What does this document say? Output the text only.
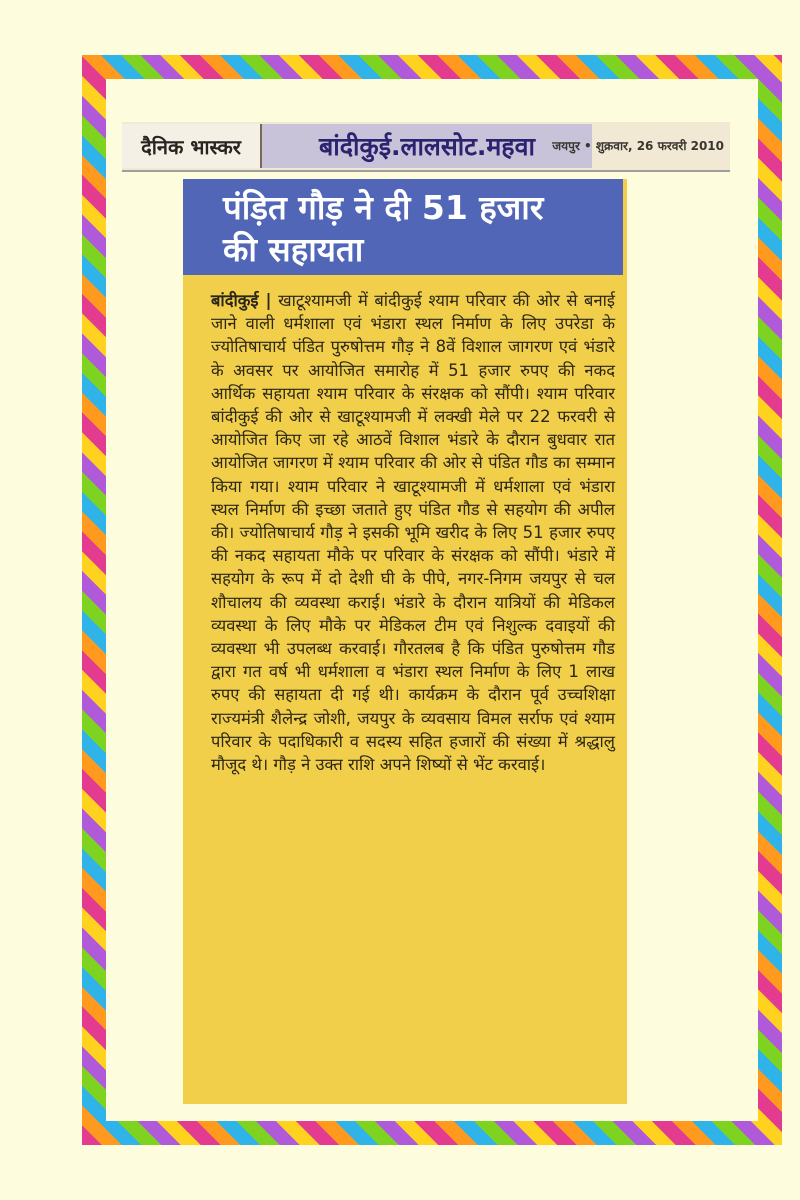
दैनिक भास्कर	बांदीकुई.लालसोट.महवा	जयपुर • शुक्रवार, 26 फरवरी 2010
पंड़ित गौड़ ने दी 51 हजार
की सहायता
बांदीकुई | खाटूश्यामजी में बांदीकुई श्याम परिवार की ओर से बनाई जाने वाली धर्मशाला एवं भंडारा स्थल निर्माण के लिए उपरेडा के ज्योतिषाचार्य पंडित पुरुषोत्तम गौड़ ने 8वें विशाल जागरण एवं भंडारे के अवसर पर आयोजित समारोह में 51 हजार रुपए की नकद आर्थिक सहायता श्याम परिवार के संरक्षक को सौंपी। श्याम परिवार बांदीकुई की ओर से खाटूश्यामजी में लक्खी मेले पर 22 फरवरी से आयोजित किए जा रहे आठवें विशाल भंडारे के दौरान बुधवार रात आयोजित जागरण में श्याम परिवार की ओर से पंडित गौड का सम्मान किया गया। श्याम परिवार ने खाटूश्यामजी में धर्मशाला एवं भंडारा स्थल निर्माण की इच्छा जताते हुए पंडित गौड से सहयोग की अपील की। ज्योतिषाचार्य गौड़ ने इसकी भूमि खरीद के लिए 51 हजार रुपए की नकद सहायता मौके पर परिवार के संरक्षक को सौंपी। भंडारे में सहयोग के रूप में दो देशी घी के पीपे, नगर-निगम जयपुर से चल शौचालय की व्यवस्था कराई। भंडारे के दौरान यात्रियों की मेडिकल व्यवस्था के लिए मौके पर मेडिकल टीम एवं निशुल्क दवाइयों की व्यवस्था भी उपलब्ध करवाई। गौरतलब है कि पंडित पुरुषोत्तम गौड द्वारा गत वर्ष भी धर्मशाला व भंडारा स्थल निर्माण के लिए 1 लाख रुपए की सहायता दी गई थी। कार्यक्रम के दौरान पूर्व उच्चशिक्षा राज्यमंत्री शैलेन्द्र जोशी, जयपुर के व्यवसाय विमल सर्राफ एवं श्याम परिवार के पदाधिकारी व सदस्य सहित हजारों की संख्या में श्रद्धालु मौजूद थे। गौड़ ने उक्त राशि अपने शिष्यों से भेंट करवाई।
